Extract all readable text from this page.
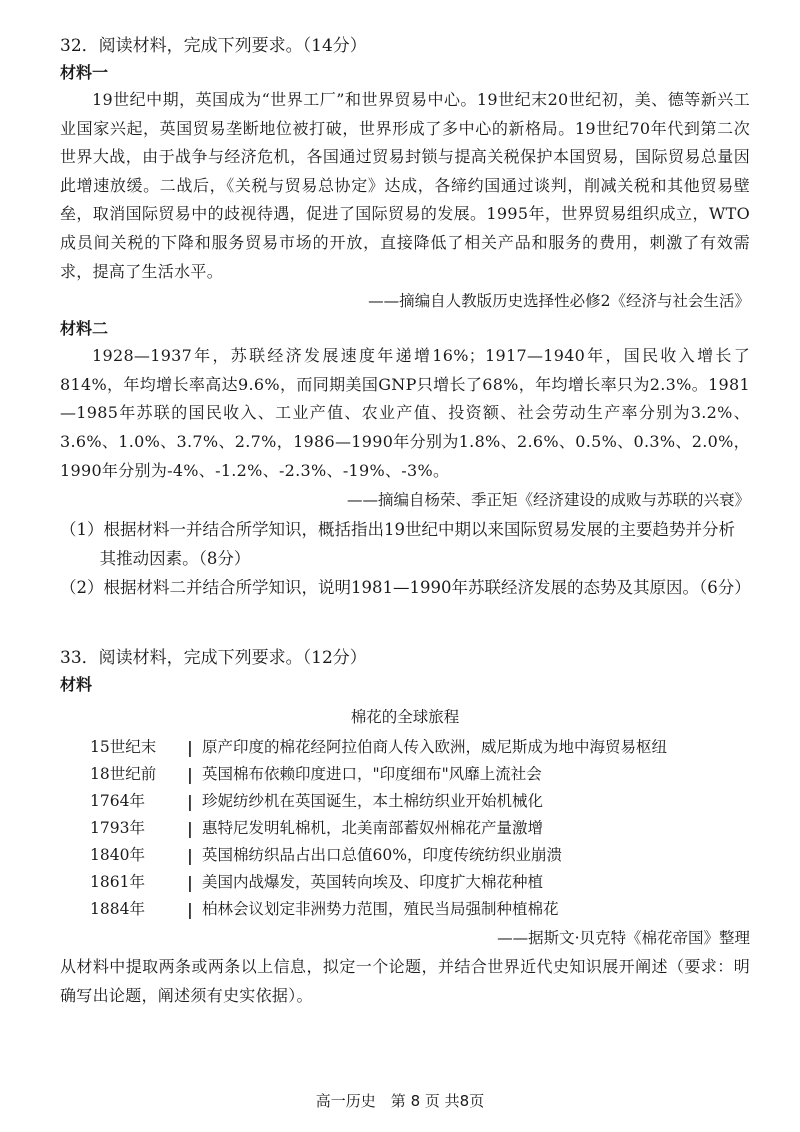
32．阅读材料，完成下列要求。（14分）

材料一

19世纪中期，英国成为“世界工厂”和世界贸易中心。19世纪末20世纪初，美、德等新兴工业国家兴起，英国贸易垄断地位被打破，世界形成了多中心的新格局。19世纪70年代到第二次世界大战，由于战争与经济危机，各国通过贸易封锁与提高关税保护本国贸易，国际贸易总量因此增速放缓。二战后，《关税与贸易总协定》达成，各缔约国通过谈判，削减关税和其他贸易壁垒，取消国际贸易中的歧视待遇，促进了国际贸易的发展。1995年，世界贸易组织成立，WTO成员间关税的下降和服务贸易市场的开放，直接降低了相关产品和服务的费用，刺激了有效需求，提高了生活水平。

——摘编自人教版历史选择性必修2《经济与社会生活》

材料二

1928—1937年，苏联经济发展速度年递增16%；1917—1940年，国民收入增长了814%，年均增长率高达9.6%，而同期美国GNP只增长了68%，年均增长率只为2.3%。1981—1985年苏联的国民收入、工业产值、农业产值、投资额、社会劳动生产率分别为3.2%、3.6%、1.0%、3.7%、2.7%，1986—1990年分别为1.8%、2.6%、0.5%、0.3%、2.0%，1990年分别为-4%、-1.2%、-2.3%、-19%、-3%。

——摘编自杨荣、季正矩《经济建设的成败与苏联的兴衰》

（1）根据材料一并结合所学知识，概括指出19世纪中期以来国际贸易发展的主要趋势并分析其推动因素。（8分）

（2）根据材料二并结合所学知识，说明1981—1990年苏联经济发展的态势及其原因。（6分）

33．阅读材料，完成下列要求。（12分）

材料

棉花的全球旅程

15世纪末	| 原产印度的棉花经阿拉伯商人传入欧洲，威尼斯成为地中海贸易枢纽
18世纪前	| 英国棉布依赖印度进口，"印度细布"风靡上流社会
1764年	| 珍妮纺纱机在英国诞生，本土棉纺织业开始机械化
1793年	| 惠特尼发明轧棉机，北美南部蓄奴州棉花产量激增
1840年	| 英国棉纺织品占出口总值60%，印度传统纺织业崩溃
1861年	| 美国内战爆发，英国转向埃及、印度扩大棉花种植
1884年	| 柏林会议划定非洲势力范围，殖民当局强制种植棉花

——据斯文·贝克特《棉花帝国》整理

从材料中提取两条或两条以上信息，拟定一个论题，并结合世界近代史知识展开阐述（要求：明确写出论题，阐述须有史实依据）。

高一历史　第 8 页 共8页
